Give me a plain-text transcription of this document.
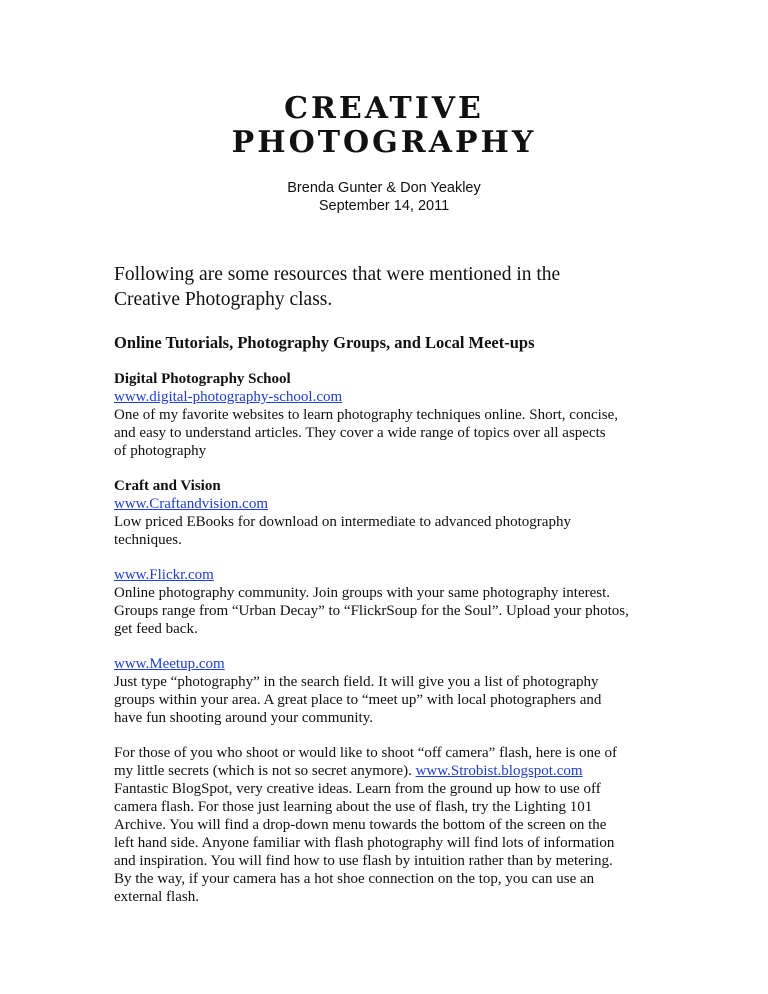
CREATIVE
PHOTOGRAPHY
Brenda Gunter & Don Yeakley
September 14, 2011
Following are some resources that were mentioned in the
Creative Photography class.
Online Tutorials, Photography Groups, and Local Meet-ups
Digital Photography School
www.digital-photography-school.com
One of my favorite websites to learn photography techniques online. Short, concise,
and easy to understand articles. They cover a wide range of topics over all aspects
of photography
Craft and Vision
www.Craftandvision.com
Low priced EBooks for download on intermediate to advanced photography
techniques.
www.Flickr.com
Online photography community. Join groups with your same photography interest.
Groups range from “Urban Decay” to “FlickrSoup for the Soul”. Upload your photos,
get feed back.
www.Meetup.com
Just type “photography” in the search field. It will give you a list of photography
groups within your area. A great place to “meet up” with local photographers and
have fun shooting around your community.
For those of you who shoot or would like to shoot “off camera” flash, here is one of
my little secrets (which is not so secret anymore). www.Strobist.blogspot.com
Fantastic BlogSpot, very creative ideas. Learn from the ground up how to use off
camera flash. For those just learning about the use of flash, try the Lighting 101
Archive. You will find a drop-down menu towards the bottom of the screen on the
left hand side. Anyone familiar with flash photography will find lots of information
and inspiration. You will find how to use flash by intuition rather than by metering.
By the way, if your camera has a hot shoe connection on the top, you can use an
external flash.
